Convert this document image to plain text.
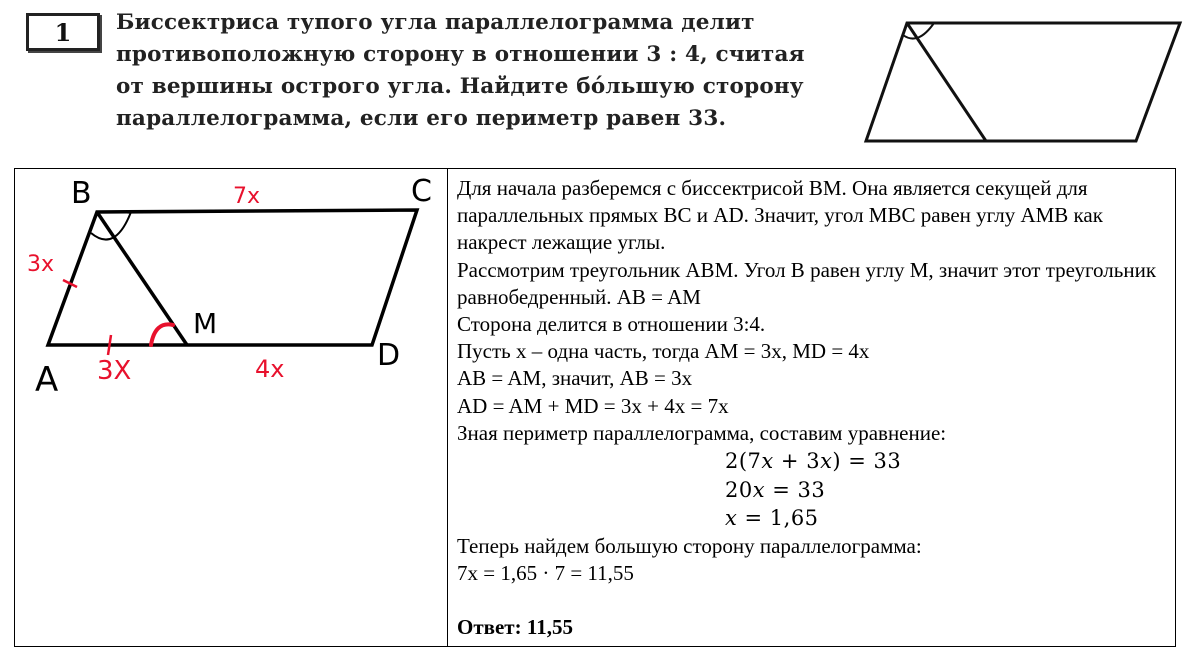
1 Биссектриса тупого угла параллелограмма делит
противоположную сторону в отношении 3 : 4, считая
от вершины острого угла. Найдите бо́льшую сторону
параллелограмма, если его периметр равен 33.
B	C
A
D
M
7x
3x
3X	4x

Для начала разберемся с биссектрисой BM. Она является секущей для параллельных прямых BC и AD. Значит, угол MBC равен углу AMB как накрест лежащие углы.

Рассмотрим треугольник ABM. Угол B равен углу M, значит этот треугольник равнобедренный. AB = AM

Сторона делится в отношении 3:4.

Пусть x – одна часть, тогда AM = 3x, MD = 4x

AB = AM, значит, AB = 3x

AD = AM + MD = 3x + 4x = 7x

Зная периметр параллелограмма, составим уравнение:

2(7𝑥 + 3𝑥) = 33
20𝑥 = 33
𝑥 = 1,65

Теперь найдем большую сторону параллелограмма:

7x = 1,65 · 7 = 11,55

Ответ: 11,55
